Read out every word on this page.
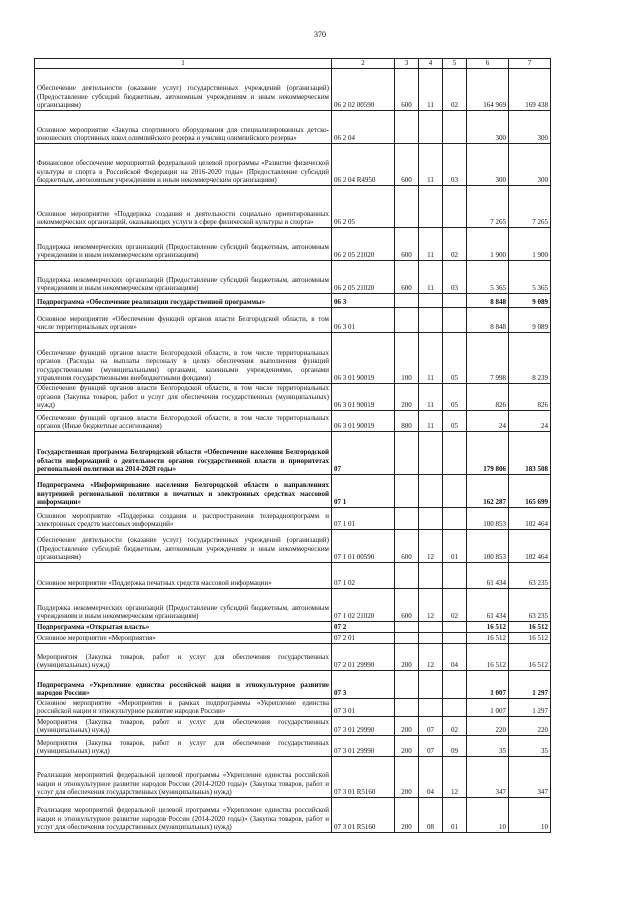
370
1	2	3	4	5	6	7
Обеспечение деятельности (оказание услуг) государственных учреждений (организаций) (Предоставление субсидий бюджетным, автономным учреждениям и иным некоммерческим организациям)	06 2 02 00590	600	11	02	164 969	169 438
Основное мероприятие «Закупка спортивного оборудования для специализированных детско-юношеских спортивных школ олимпийского резерва и училищ олимпийского резерва»	06 2 04				300	300
Финансовое обеспечение мероприятий федеральной целевой программы «Развитие физической культуры и спорта в Российской Федерации на 2016-2020 годы» (Предоставление субсидий бюджетным, автономным учреждениям и иным некоммерческим организациям)	06 2 04 R4950	600	11	03	300	300
Основное мероприятие «Поддержка создания и деятельности социально ориентированных некоммерческих организаций, оказывающих услуги в сфере физической культуры и спорта»	06 2 05				7 265	7 265
Поддержка некоммерческих организаций (Предоставление субсидий бюджетным, автономным учреждениям и иным некоммерческим организациям)	06 2 05 21020	600	11	02	1 900	1 900
Поддержка некоммерческих организаций (Предоставление субсидий бюджетным, автономным учреждениям и иным некоммерческим организациям)	06 2 05 21020	600	11	03	5 365	5 365
Подпрограмма «Обеспечение реализации государственной программы»	06 3				8 848	9 089
Основное мероприятие «Обеспечение функций органов власти Белгородской области, в том числе территориальных органов»	06 3 01				8 848	9 089
Обеспечение функций органов власти Белгородской области, в том числе территориальных органов (Расходы на выплаты персоналу в целях обеспечения выполнения функций государственными (муниципальными) органами, казенными учреждениями, органами управления государственными внебюджетными фондами)	06 3 01 90019	100	11	05	7 998	8 239
Обеспечение функций органов власти Белгородской области, в том числе территориальных органов (Закупка товаров, работ и услуг для обеспечения государственных (муниципальных) нужд)	06 3 01 90019	200	11	05	826	826
Обеспечение функций органов власти Белгородской области, в том числе территориальных органов (Иные бюджетные ассигнования)	06 3 01 90019	800	11	05	24	24
Государственная программа Белгородской области «Обеспечение населения Белгородской области информацией о деятельности органов государственной власти и приоритетах региональной политики на 2014-2020 годы»	07				179 806	183 508
Подпрограмма «Информирование населения Белгородской области о направлениях внутренней региональной политики в печатных и электронных средствах массовой информации»	07 1				162 287	165 699
Основное мероприятие «Поддержка создания и распространения телерадиопрограмм и электронных средств массовых информаций»	07 1 01				100 853	102 464
Обеспечение деятельности (оказание услуг) государственных учреждений (организаций) (Предоставление субсидий бюджетным, автономным учреждениям и иным некоммерческим организациям)	07 1 01 00590	600	12	01	100 853	102 464
Основное мероприятие «Поддержка печатных средств массовой информации»	07 1 02				61 434	63 235
Поддержка некоммерческих организаций (Предоставление субсидий бюджетным, автономным учреждениям и иным некоммерческим организациям)	07 1 02 21020	600	12	02	61 434	63 235
Подпрограмма «Открытая власть»	07 2				16 512	16 512
Основное мероприятие «Мероприятия»	07 2 01				16 512	16 512
Мероприятия (Закупка товаров, работ и услуг для обеспечения государственных (муниципальных) нужд)	07 2 01 29990	200	12	04	16 512	16 512
Подпрограмма «Укрепление единства российской нации и этнокультурное развитие народов России»	07 3				1 007	1 297
Основное мероприятие «Мероприятия в рамках подпрограммы «Укрепление единства российской нации и этнокультурное развитие народов России»	07 3 01				1 007	1 297
Мероприятия (Закупка товаров, работ и услуг для обеспечения государственных (муниципальных) нужд)	07 3 01 29990	200	07	02	220	220
Мероприятия (Закупка товаров, работ и услуг для обеспечения государственных (муниципальных) нужд)	07 3 01 29990	200	07	09	35	35
Реализация мероприятий федеральной целевой программы «Укрепление единства российской нации и этнокультурное развитие народов России (2014-2020 годы)» (Закупка товаров, работ и услуг для обеспечения государственных (муниципальных) нужд)	07 3 01 R5160	200	04	12	347	347
Реализация мероприятий федеральной целевой программы «Укрепление единства российской нации и этнокультурное развитие народов России (2014-2020 годы)» (Закупка товаров, работ и услуг для обеспечения государственных (муниципальных) нужд)	07 3 01 R5160	200	08	01	10	10
